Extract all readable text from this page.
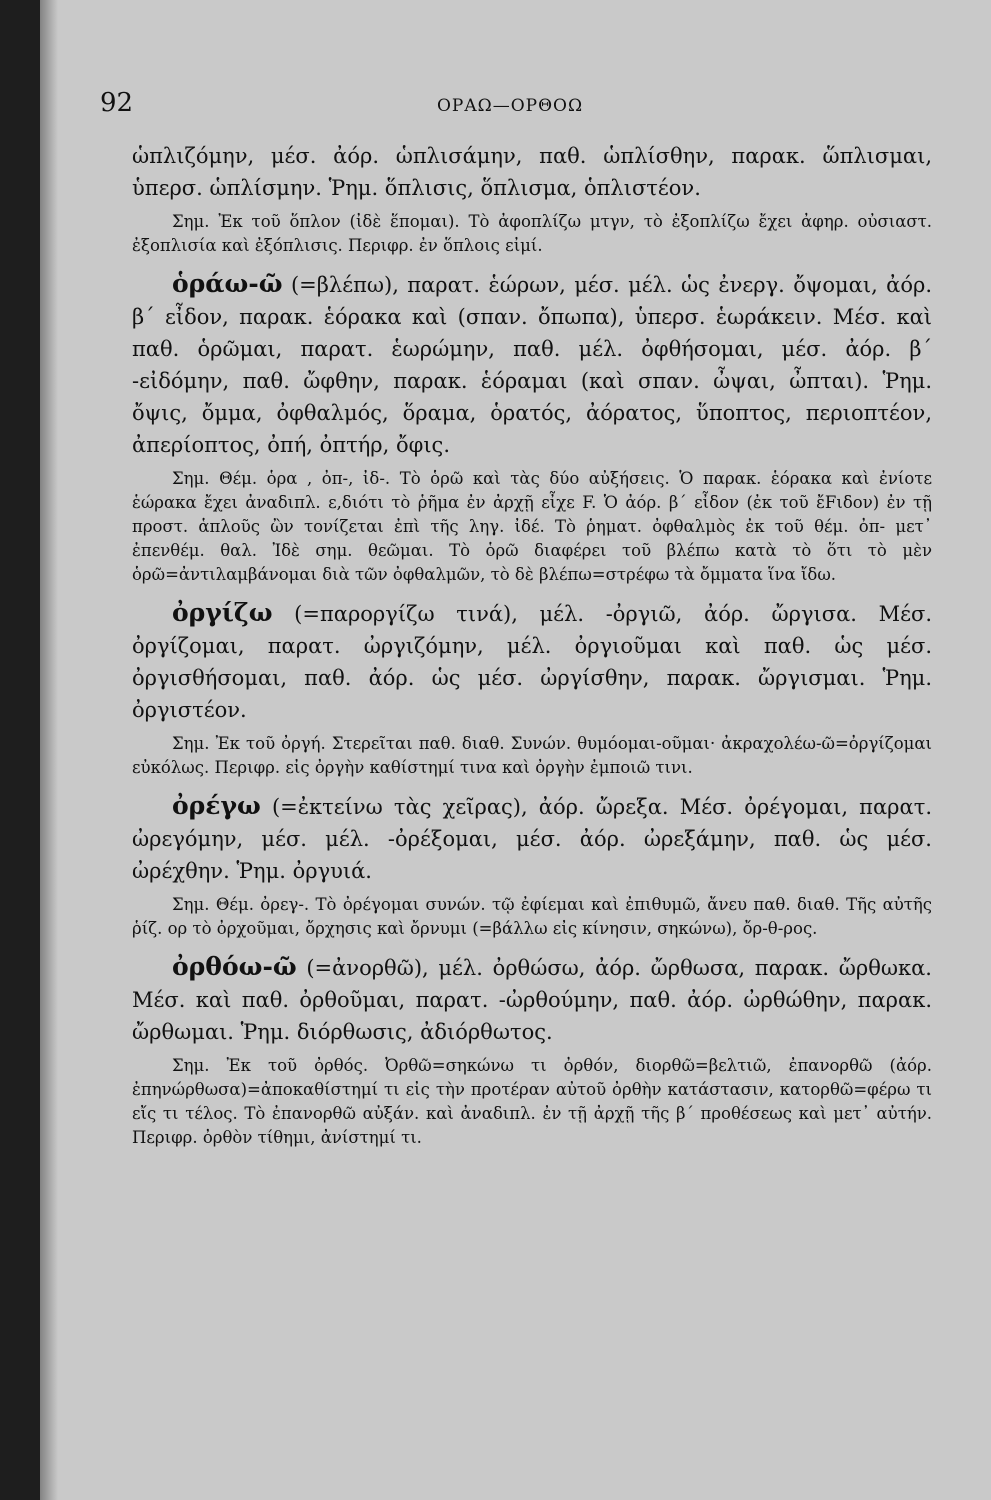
92	ΟΡΑΩ—ΟΡΘΟΩ

ὡπλιζόμην, μέσ. ἀόρ. ὡπλισάμην, παθ. ὡπλίσθην, παρακ. ὥπλισμαι, ὑπερσ. ὡπλίσμην. Ῥημ. ὅπλισις, ὅπλισμα, ὁπλιστέον.

Σημ. Ἐκ τοῦ ὅπλον (ἰδὲ ἕπομαι). Τὸ ἀφοπλίζω μτγν, τὸ ἐξοπλίζω ἔχει ἀφηρ. οὐσιαστ. ἐξοπλισία καὶ ἐξόπλισις. Περιφρ. ἐν ὅπλοις εἰμί.

ὁράω-ῶ (=βλέπω), παρατ. ἑώρων, μέσ. μέλ. ὡς ἐνεργ. ὄψομαι, ἀόρ. β΄ εἶδον, παρακ. ἑόρακα καὶ (σπαν. ὄπωπα), ὑπερσ. ἑωράκειν. Μέσ. καὶ παθ. ὁρῶμαι, παρατ. ἑωρώμην, παθ. μέλ. ὀφθήσομαι, μέσ. ἀόρ. β΄ -εἰδόμην, παθ. ὤφθην, παρακ. ἑόραμαι (καὶ σπαν. ὦψαι, ὦπται). Ῥημ. ὄψις, ὄμμα, ὀφθαλμός, ὅραμα, ὁρατός, ἀόρατος, ὕποπτος, περιοπτέον, ἀπερίοπτος, ὀπή, ὀπτήρ, ὄφις.

Σημ. Θέμ. ὁρα , ὀπ-, ἰδ-. Τὸ ὁρῶ καὶ τὰς δύο αὐξήσεις. Ὁ παρακ. ἑόρακα καὶ ἐνίοτε ἑώρακα ἔχει ἀναδιπλ. ε,διότι τὸ ῥῆμα ἐν ἀρχῇ εἶχε F. Ὁ ἀόρ. β΄ εἶδον (ἐκ τοῦ ἔFιδον) ἐν τῇ προστ. ἁπλοῦς ὢν τονίζεται ἐπὶ τῆς ληγ. ἰδέ. Τὸ ῥηματ. ὀφθαλμὸς ἐκ τοῦ θέμ. ὀπ- μετ᾽ ἐπενθέμ. θαλ. Ἰδὲ σημ. θεῶμαι. Τὸ ὁρῶ διαφέρει τοῦ βλέπω κατὰ τὸ ὅτι τὸ μὲν ὁρῶ=ἀντιλαμβάνομαι διὰ τῶν ὀφθαλμῶν, τὸ δὲ βλέπω=στρέφω τὰ ὄμματα ἵνα ἴδω.

ὀργίζω (=παροργίζω τινά), μέλ. -ὀργιῶ, ἀόρ. ὤργισα. Μέσ. ὀργίζομαι, παρατ. ὠργιζόμην, μέλ. ὀργιοῦμαι καὶ παθ. ὡς μέσ. ὀργισθήσομαι, παθ. ἀόρ. ὡς μέσ. ὠργίσθην, παρακ. ὤργισμαι. Ῥημ. ὀργιστέον.

Σημ. Ἐκ τοῦ ὀργή. Στερεῖται παθ. διαθ. Συνών. θυμόομαι-οῦμαι· ἀκραχολέω-ῶ=ὀργίζομαι εὐκόλως. Περιφρ. εἰς ὀργὴν καθίστημί τινα καὶ ὀργὴν ἐμποιῶ τινι.

ὀρέγω (=ἐκτείνω τὰς χεῖρας), ἀόρ. ὤρεξα. Μέσ. ὀρέγομαι, παρατ. ὠρεγόμην, μέσ. μέλ. -ὀρέξομαι, μέσ. ἀόρ. ὠρεξάμην, παθ. ὡς μέσ. ὠρέχθην. Ῥημ. ὀργυιά.

Σημ. Θέμ. ὀρεγ-. Τὸ ὀρέγομαι συνών. τῷ ἐφίεμαι καὶ ἐπιθυμῶ, ἄνευ παθ. διαθ. Τῆς αὐτῆς ῥίζ. ορ τὸ ὀρχοῦμαι, ὄρχησις καὶ ὄρνυμι (=βάλλω εἰς κίνησιν, σηκώνω), ὄρ-θ-ρος.

ὀρθόω-ῶ (=ἀνορθῶ), μέλ. ὀρθώσω, ἀόρ. ὤρθωσα, παρακ. ὤρθωκα. Μέσ. καὶ παθ. ὀρθοῦμαι, παρατ. -ὠρθούμην, παθ. ἀόρ. ὠρθώθην, παρακ. ὤρθωμαι. Ῥημ. διόρθωσις, ἀδιόρθωτος.

Σημ. Ἐκ τοῦ ὀρθός. Ὀρθῶ=σηκώνω τι ὀρθόν, διορθῶ=βελτιῶ, ἐπανορθῶ (ἀόρ. ἐπηνώρθωσα)=ἀποκαθίστημί τι εἰς τὴν προτέραν αὐτοῦ ὀρθὴν κατάστασιν, κατορθῶ=φέρω τι εἴς τι τέλος. Τὸ ἐπανορθῶ αὐξάν. καὶ ἀναδιπλ. ἐν τῇ ἀρχῇ τῆς β΄ προθέσεως καὶ μετ᾽ αὐτήν. Περιφρ. ὀρθὸν τίθημι, ἀνίστημί τι.
